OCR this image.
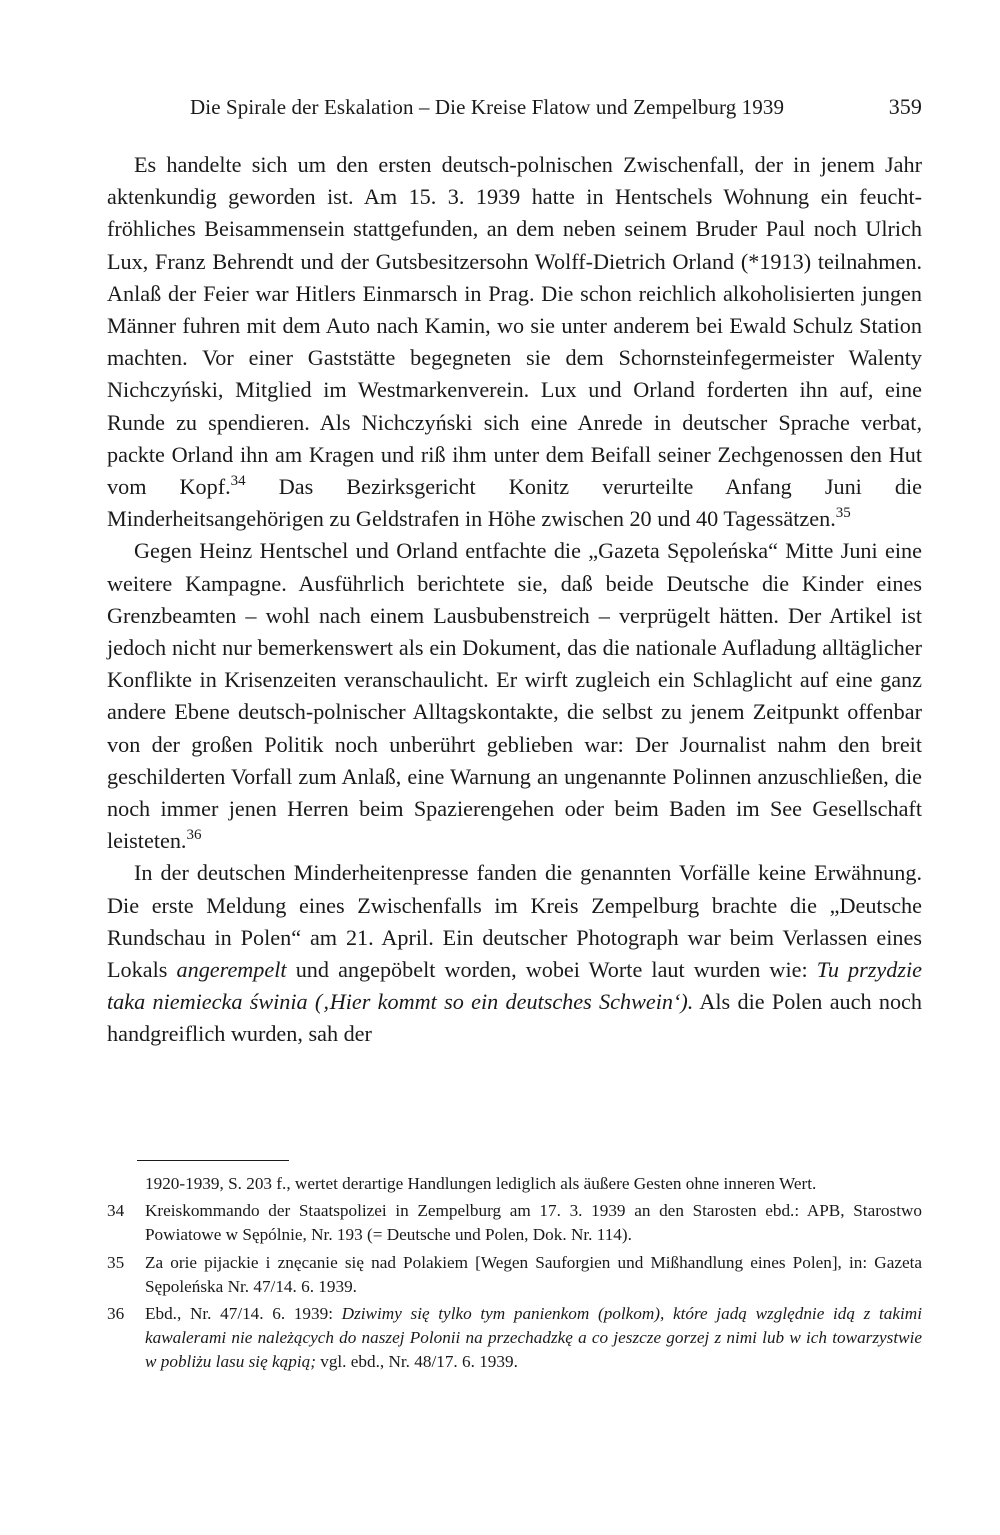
Die Spirale der Eskalation – Die Kreise Flatow und Zempelburg 1939	359

Es handelte sich um den ersten deutsch-polnischen Zwischenfall, der in jenem Jahr aktenkundig geworden ist. Am 15. 3. 1939 hatte in Hentschels Wohnung ein feucht-fröhliches Beisammensein stattgefunden, an dem neben seinem Bruder Paul noch Ulrich Lux, Franz Behrendt und der Gutsbesitzersohn Wolff-Dietrich Orland (*1913) teilnahmen. Anlaß der Feier war Hitlers Einmarsch in Prag. Die schon reichlich alkoholisierten jungen Männer fuhren mit dem Auto nach Kamin, wo sie unter anderem bei Ewald Schulz Station machten. Vor einer Gaststätte begegneten sie dem Schornsteinfegermeister Walenty Nichczyński, Mitglied im Westmarkenverein. Lux und Orland forderten ihn auf, eine Runde zu spendieren. Als Nichczyński sich eine Anrede in deutscher Sprache verbat, packte Orland ihn am Kragen und riß ihm unter dem Beifall seiner Zechgenossen den Hut vom Kopf.$^{34}$ Das Bezirksgericht Konitz verurteilte Anfang Juni die Minderheitsangehörigen zu Geldstrafen in Höhe zwischen 20 und 40 Tagessätzen.$^{35}$

Gegen Heinz Hentschel und Orland entfachte die „Gazeta Sępoleńska“ Mitte Juni eine weitere Kampagne. Ausführlich berichtete sie, daß beide Deutsche die Kinder eines Grenzbeamten – wohl nach einem Lausbubenstreich – verprügelt hätten. Der Artikel ist jedoch nicht nur bemerkenswert als ein Dokument, das die nationale Aufladung alltäglicher Konflikte in Krisenzeiten veranschaulicht. Er wirft zugleich ein Schlaglicht auf eine ganz andere Ebene deutsch-polnischer Alltagskontakte, die selbst zu jenem Zeitpunkt offenbar von der großen Politik noch unberührt geblieben war: Der Journalist nahm den breit geschilderten Vorfall zum Anlaß, eine Warnung an ungenannte Polinnen anzuschließen, die noch immer jenen Herren beim Spazierengehen oder beim Baden im See Gesellschaft leisteten.$^{36}$

In der deutschen Minderheitenpresse fanden die genannten Vorfälle keine Erwähnung. Die erste Meldung eines Zwischenfalls im Kreis Zempelburg brachte die „Deutsche Rundschau in Polen“ am 21. April. Ein deutscher Photograph war beim Verlassen eines Lokals angerempelt und angepöbelt worden, wobei Worte laut wurden wie: Tu przydzie taka niemiecka świnia (‚Hier kommt so ein deutsches Schwein‘). Als die Polen auch noch handgreiflich wurden, sah der

1920-1939, S. 203 f., wertet derartige Handlungen lediglich als äußere Gesten ohne inneren Wert.
34 Kreiskommando der Staatspolizei in Zempelburg am 17. 3. 1939 an den Starosten ebd.: APB, Starostwo Powiatowe w Sępólnie, Nr. 193 (= Deutsche und Polen, Dok. Nr. 114).
35 Za orie pijackie i znęcanie się nad Polakiem [Wegen Sauforgien und Mißhandlung eines Polen], in: Gazeta Sępoleńska Nr. 47/14. 6. 1939.
36 Ebd., Nr. 47/14. 6. 1939: Dziwimy się tylko tym panienkom (polkom), które jadą względnie idą z takimi kawalerami nie należących do naszej Polonii na przechadzkę a co jeszcze gorzej z nimi lub w ich towarzystwie w pobliżu lasu się kąpią; vgl. ebd., Nr. 48/17. 6. 1939.
